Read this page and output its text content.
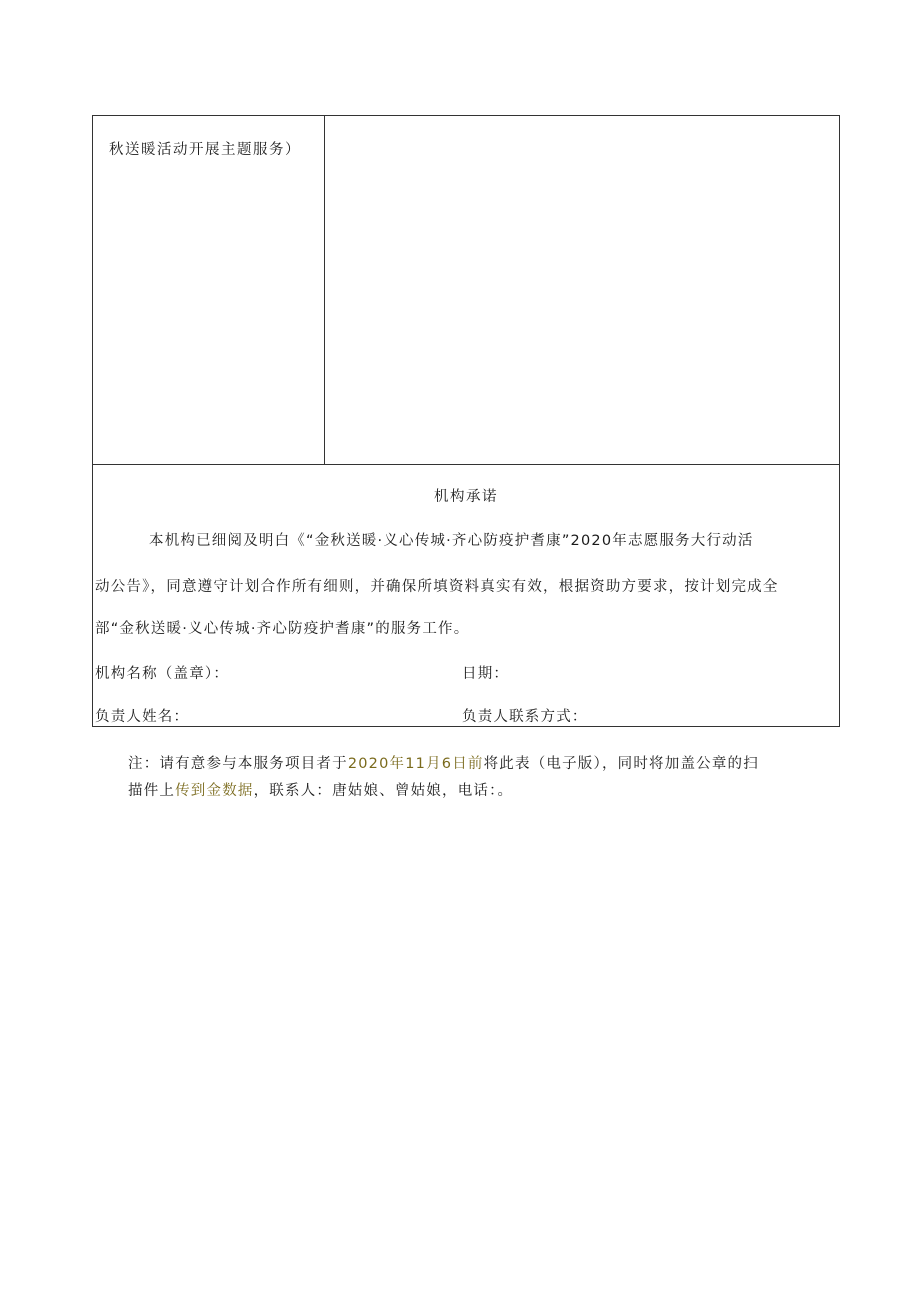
秋送暖活动开展主题服务）
机构承诺
本机构已细阅及明白《“金秋送暖·义心传城·齐心防疫护耆康”2020年志愿服务大行动活
动公告》，同意遵守计划合作所有细则，并确保所填资料真实有效，根据资助方要求，按计划完成全
部“金秋送暖·义心传城·齐心防疫护耆康”的服务工作。
机构名称（盖章）：	日期：
负责人姓名：	负责人联系方式：
注：请有意参与本服务项目者于2020年11月6日前将此表（电子版），同时将加盖公章的扫
描件上传到金数据，联系人：唐姑娘、曾姑娘，电话：。
